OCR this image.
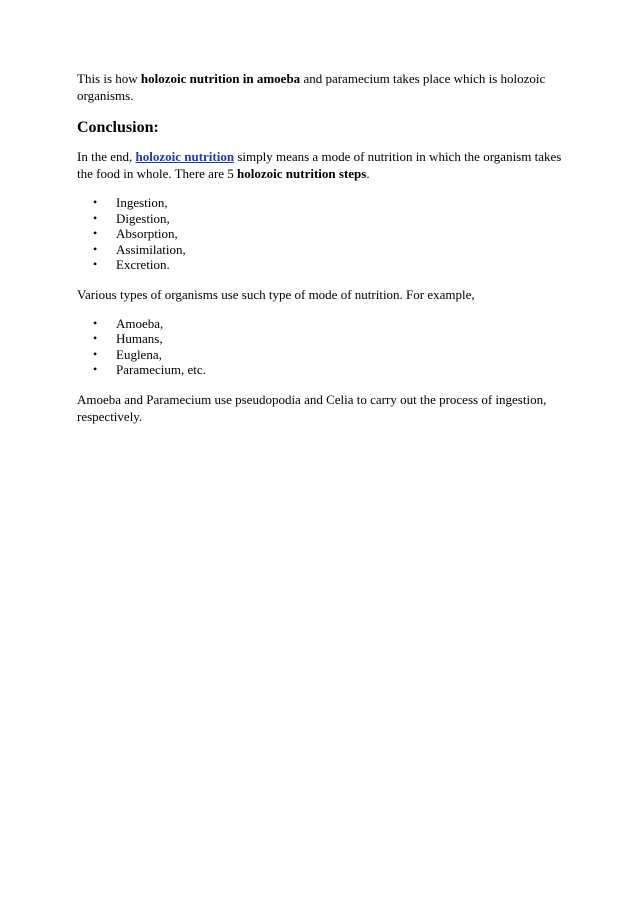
This is how holozoic nutrition in amoeba and paramecium takes place which is holozoic organisms.

Conclusion:

In the end, holozoic nutrition simply means a mode of nutrition in which the organism takes the food in whole. There are 5 holozoic nutrition steps.

• Ingestion,
• Digestion,
• Absorption,
• Assimilation,
• Excretion.

Various types of organisms use such type of mode of nutrition. For example,

• Amoeba,
• Humans,
• Euglena,
• Paramecium, etc.

Amoeba and Paramecium use pseudopodia and Celia to carry out the process of ingestion, respectively.
